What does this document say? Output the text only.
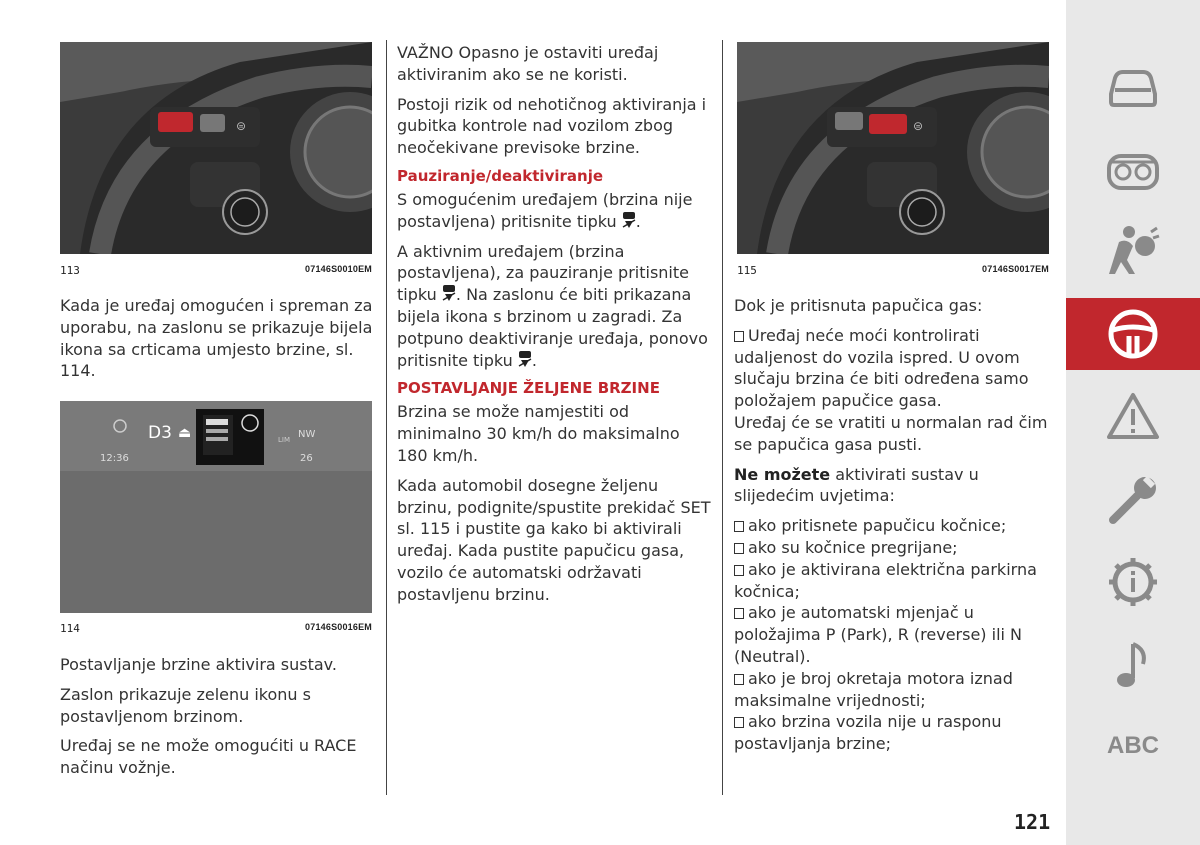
⊜
113	07146S0010EM

Kada je uređaj omogućen i spreman za uporabu, na zaslonu se prikazuje bijela ikona sa crticama umjesto brzine, sl. 114.

D3 ⏏
12:36
NW
26
LIM
114	07146S0016EM

Postavljanje brzine aktivira sustav.

Zaslon prikazuje zelenu ikonu s postavljenom brzinom.

Uređaj se ne može omogućiti u RACE načinu vožnje.

VAŽNO Opasno je ostaviti uređaj aktiviranim ako se ne koristi.

Postoji rizik od nehotičnog aktiviranja i gubitka kontrole nad vozilom zbog neočekivane previsoke brzine.

Pauziranje/deaktiviranje

S omogućenim uređajem (brzina nije postavljena) pritisnite tipku .

A aktivnim uređajem (brzina postavljena), za pauziranje pritisnite tipku . Na zaslonu će biti prikazana bijela ikona s brzinom u zagradi. Za potpuno deaktiviranje uređaja, ponovo pritisnite tipku .

POSTAVLJANJE ŽELJENE BRZINE

Brzina se može namjestiti od minimalno 30 km/h do maksimalno 180 km/h.

Kada automobil dosegne željenu brzinu, podignite/spustite prekidač SET sl. 115 i pustite ga kako bi aktivirali uređaj. Kada pustite papučicu gasa, vozilo će automatski održavati postavljenu brzinu.

⊜
115	07146S0017EM

Dok je pritisnuta papučica gas:

Uređaj neće moći kontrolirati udaljenost do vozila ispred. U ovom slučaju brzina će biti određena samo položajem papučice gasa.

Uređaj će se vratiti u normalan rad čim se papučica gasa pusti.

Ne možete aktivirati sustav u slijedećim uvjetima:

ako pritisnete papučicu kočnice;

ako su kočnice pregrijane;

ako je aktivirana električna parkirna kočnica;

ako je automatski mjenjač u položajima P (Park), R (reverse) ili N (Neutral).

ako je broj okretaja motora iznad maksimalne vrijednosti;

ako brzina vozila nije u rasponu postavljanja brzine;

121
ABC
